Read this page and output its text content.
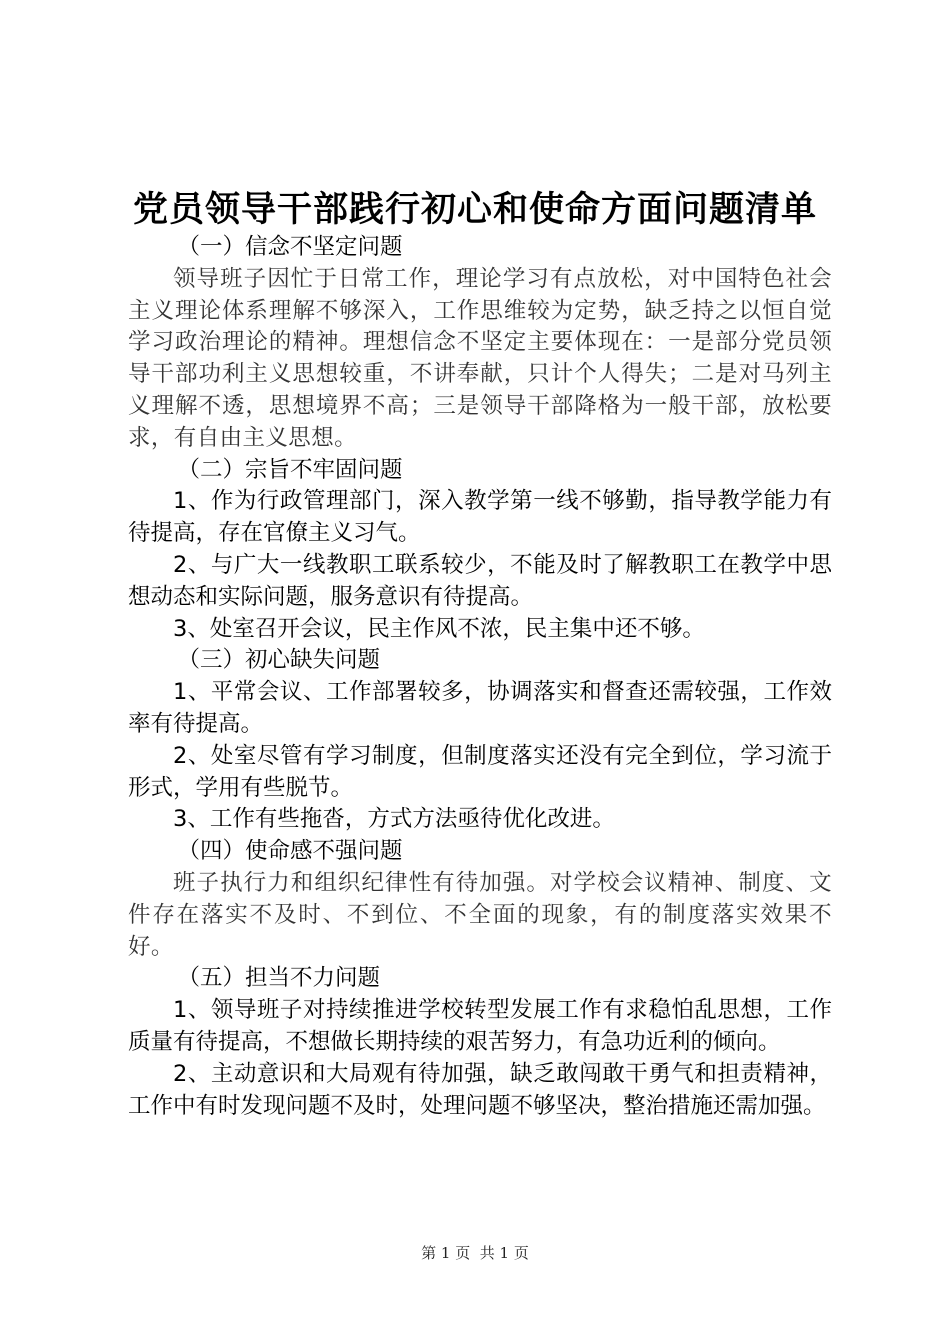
党员领导干部践行初心和使命方面问题清单

（一）信念不坚定问题

领导班子因忙于日常工作，理论学习有点放松，对中国特色社会主义理论体系理解不够深入，工作思维较为定势，缺乏持之以恒自觉学习政治理论的精神。理想信念不坚定主要体现在：一是部分党员领导干部功利主义思想较重，不讲奉献，只计个人得失；二是对马列主义理解不透，思想境界不高；三是领导干部降格为一般干部，放松要求，有自由主义思想。

（二）宗旨不牢固问题

1、作为行政管理部门，深入教学第一线不够勤，指导教学能力有待提高，存在官僚主义习气。

2、与广大一线教职工联系较少，不能及时了解教职工在教学中思想动态和实际问题，服务意识有待提高。

3、处室召开会议，民主作风不浓，民主集中还不够。

（三）初心缺失问题

1、平常会议、工作部署较多，协调落实和督查还需较强，工作效率有待提高。

2、处室尽管有学习制度，但制度落实还没有完全到位，学习流于形式，学用有些脱节。

3、工作有些拖沓，方式方法亟待优化改进。

（四）使命感不强问题

班子执行力和组织纪律性有待加强。对学校会议精神、制度、文件存在落实不及时、不到位、不全面的现象，有的制度落实效果不好。

（五）担当不力问题

1、领导班子对持续推进学校转型发展工作有求稳怕乱思想，工作质量有待提高，不想做长期持续的艰苦努力，有急功近利的倾向。

2、主动意识和大局观有待加强，缺乏敢闯敢干勇气和担责精神，工作中有时发现问题不及时，处理问题不够坚决，整治措施还需加强。

第 1 页  共 1 页
